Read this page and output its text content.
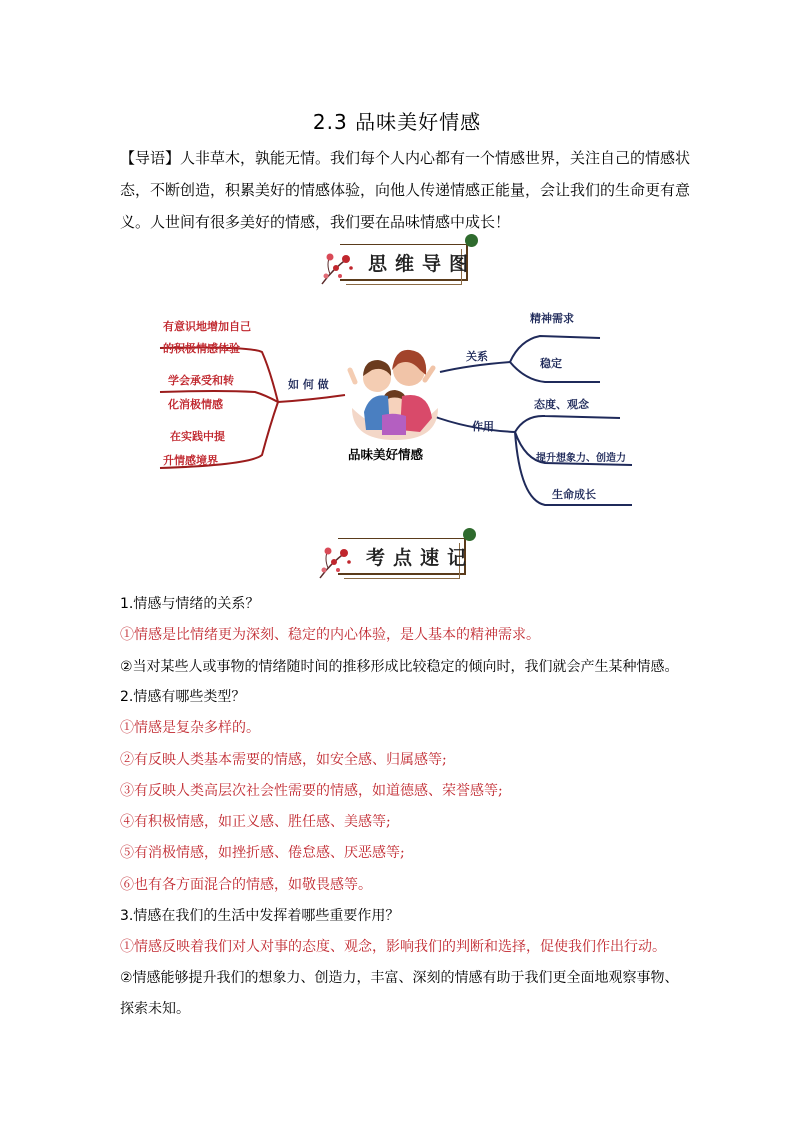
2.3 品味美好情感
【导语】人非草木，孰能无情。我们每个人内心都有一个情感世界，关注自己的情感状态，不断创造，积累美好的情感体验，向他人传递情感正能量，会让我们的生命更有意义。人世间有很多美好的情感，我们要在品味情感中成长！
思维导图
品味美好情感
如 何 做
有意识地增加自己
的积极情感体验
学会承受和转
化消极情感
在实践中提
升情感境界
关系
精神需求
稳定
作用
态度、观念
提升想象力、创造力
生命成长
考点速记
1.情感与情绪的关系？
①情感是比情绪更为深刻、稳定的内心体验，是人基本的精神需求。
②当对某些人或事物的情绪随时间的推移形成比较稳定的倾向时，我们就会产生某种情感。
2.情感有哪些类型？
①情感是复杂多样的。
②有反映人类基本需要的情感，如安全感、归属感等;
③有反映人类高层次社会性需要的情感，如道德感、荣誉感等;
④有积极情感，如正义感、胜任感、美感等;
⑤有消极情感，如挫折感、倦怠感、厌恶感等;
⑥也有各方面混合的情感，如敬畏感等。
3.情感在我们的生活中发挥着哪些重要作用？
①情感反映着我们对人对事的态度、观念，影响我们的判断和选择，促使我们作出行动。
②情感能够提升我们的想象力、创造力，丰富、深刻的情感有助于我们更全面地观察事物、
探索未知。
